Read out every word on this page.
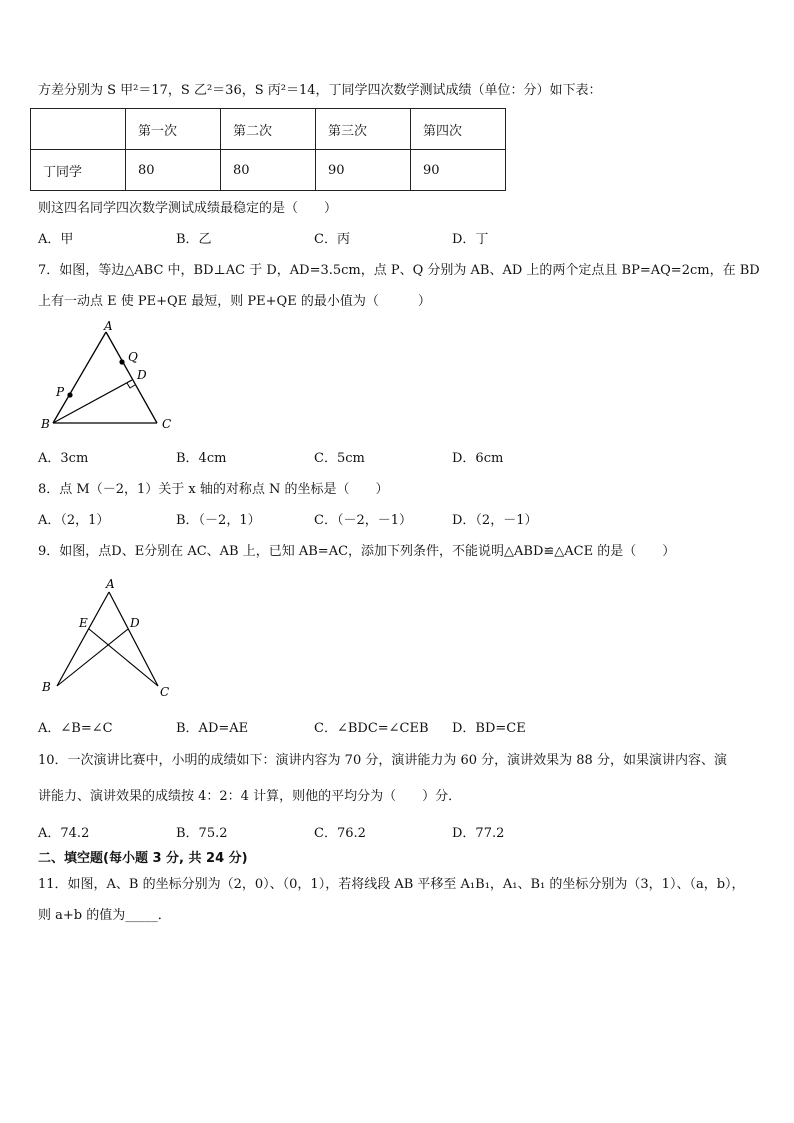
方差分别为 S 甲²＝17，S 乙²＝36，S 丙²＝14，丁同学四次数学测试成绩（单位：分）如下表：
	第一次	第二次	第三次	第四次
丁同学	80	80	90	90
则这四名同学四次数学测试成绩最稳定的是（　　）
A．甲	B．乙	C．丙	D．丁
7．如图，等边△ABC 中，BD⊥AC 于 D，AD=3.5cm，点 P、Q 分别为 AB、AD 上的两个定点且 BP=AQ=2cm，在 BD
上有一动点 E 使 PE+QE 最短，则 PE+QE 的最小值为（　　　）
A
Q
D
P
B	C
A．3cm	B．4cm	C．5cm	D．6cm
8．点 M（－2，1）关于 x 轴的对称点 N 的坐标是（　　）
A．（2，1）	B．（－2，1）	C．（－2，－1）	D．（2，－1）
9．如图，点D、E分别在 AC、AB 上，已知 AB=AC，添加下列条件，不能说明△ABD≌△ACE 的是（　　）
A
E	D
B	C
A．∠B=∠C	B．AD=AE	C．∠BDC=∠CEB D．BD=CE
10．一次演讲比赛中，小明的成绩如下：演讲内容为 70 分，演讲能力为 60 分，演讲效果为 88 分，如果演讲内容、演
讲能力、演讲效果的成绩按 4：2：4 计算，则他的平均分为（　　）分．
A．74.2	B．75.2	C．76.2	D．77.2
二、填空题(每小题 3 分, 共 24 分)
11．如图，A、B 的坐标分别为（2，0）、（0，1），若将线段 AB 平移至 A₁B₁，A₁、B₁ 的坐标分别为（3，1）、（a，b），
则 a+b 的值为_____．
